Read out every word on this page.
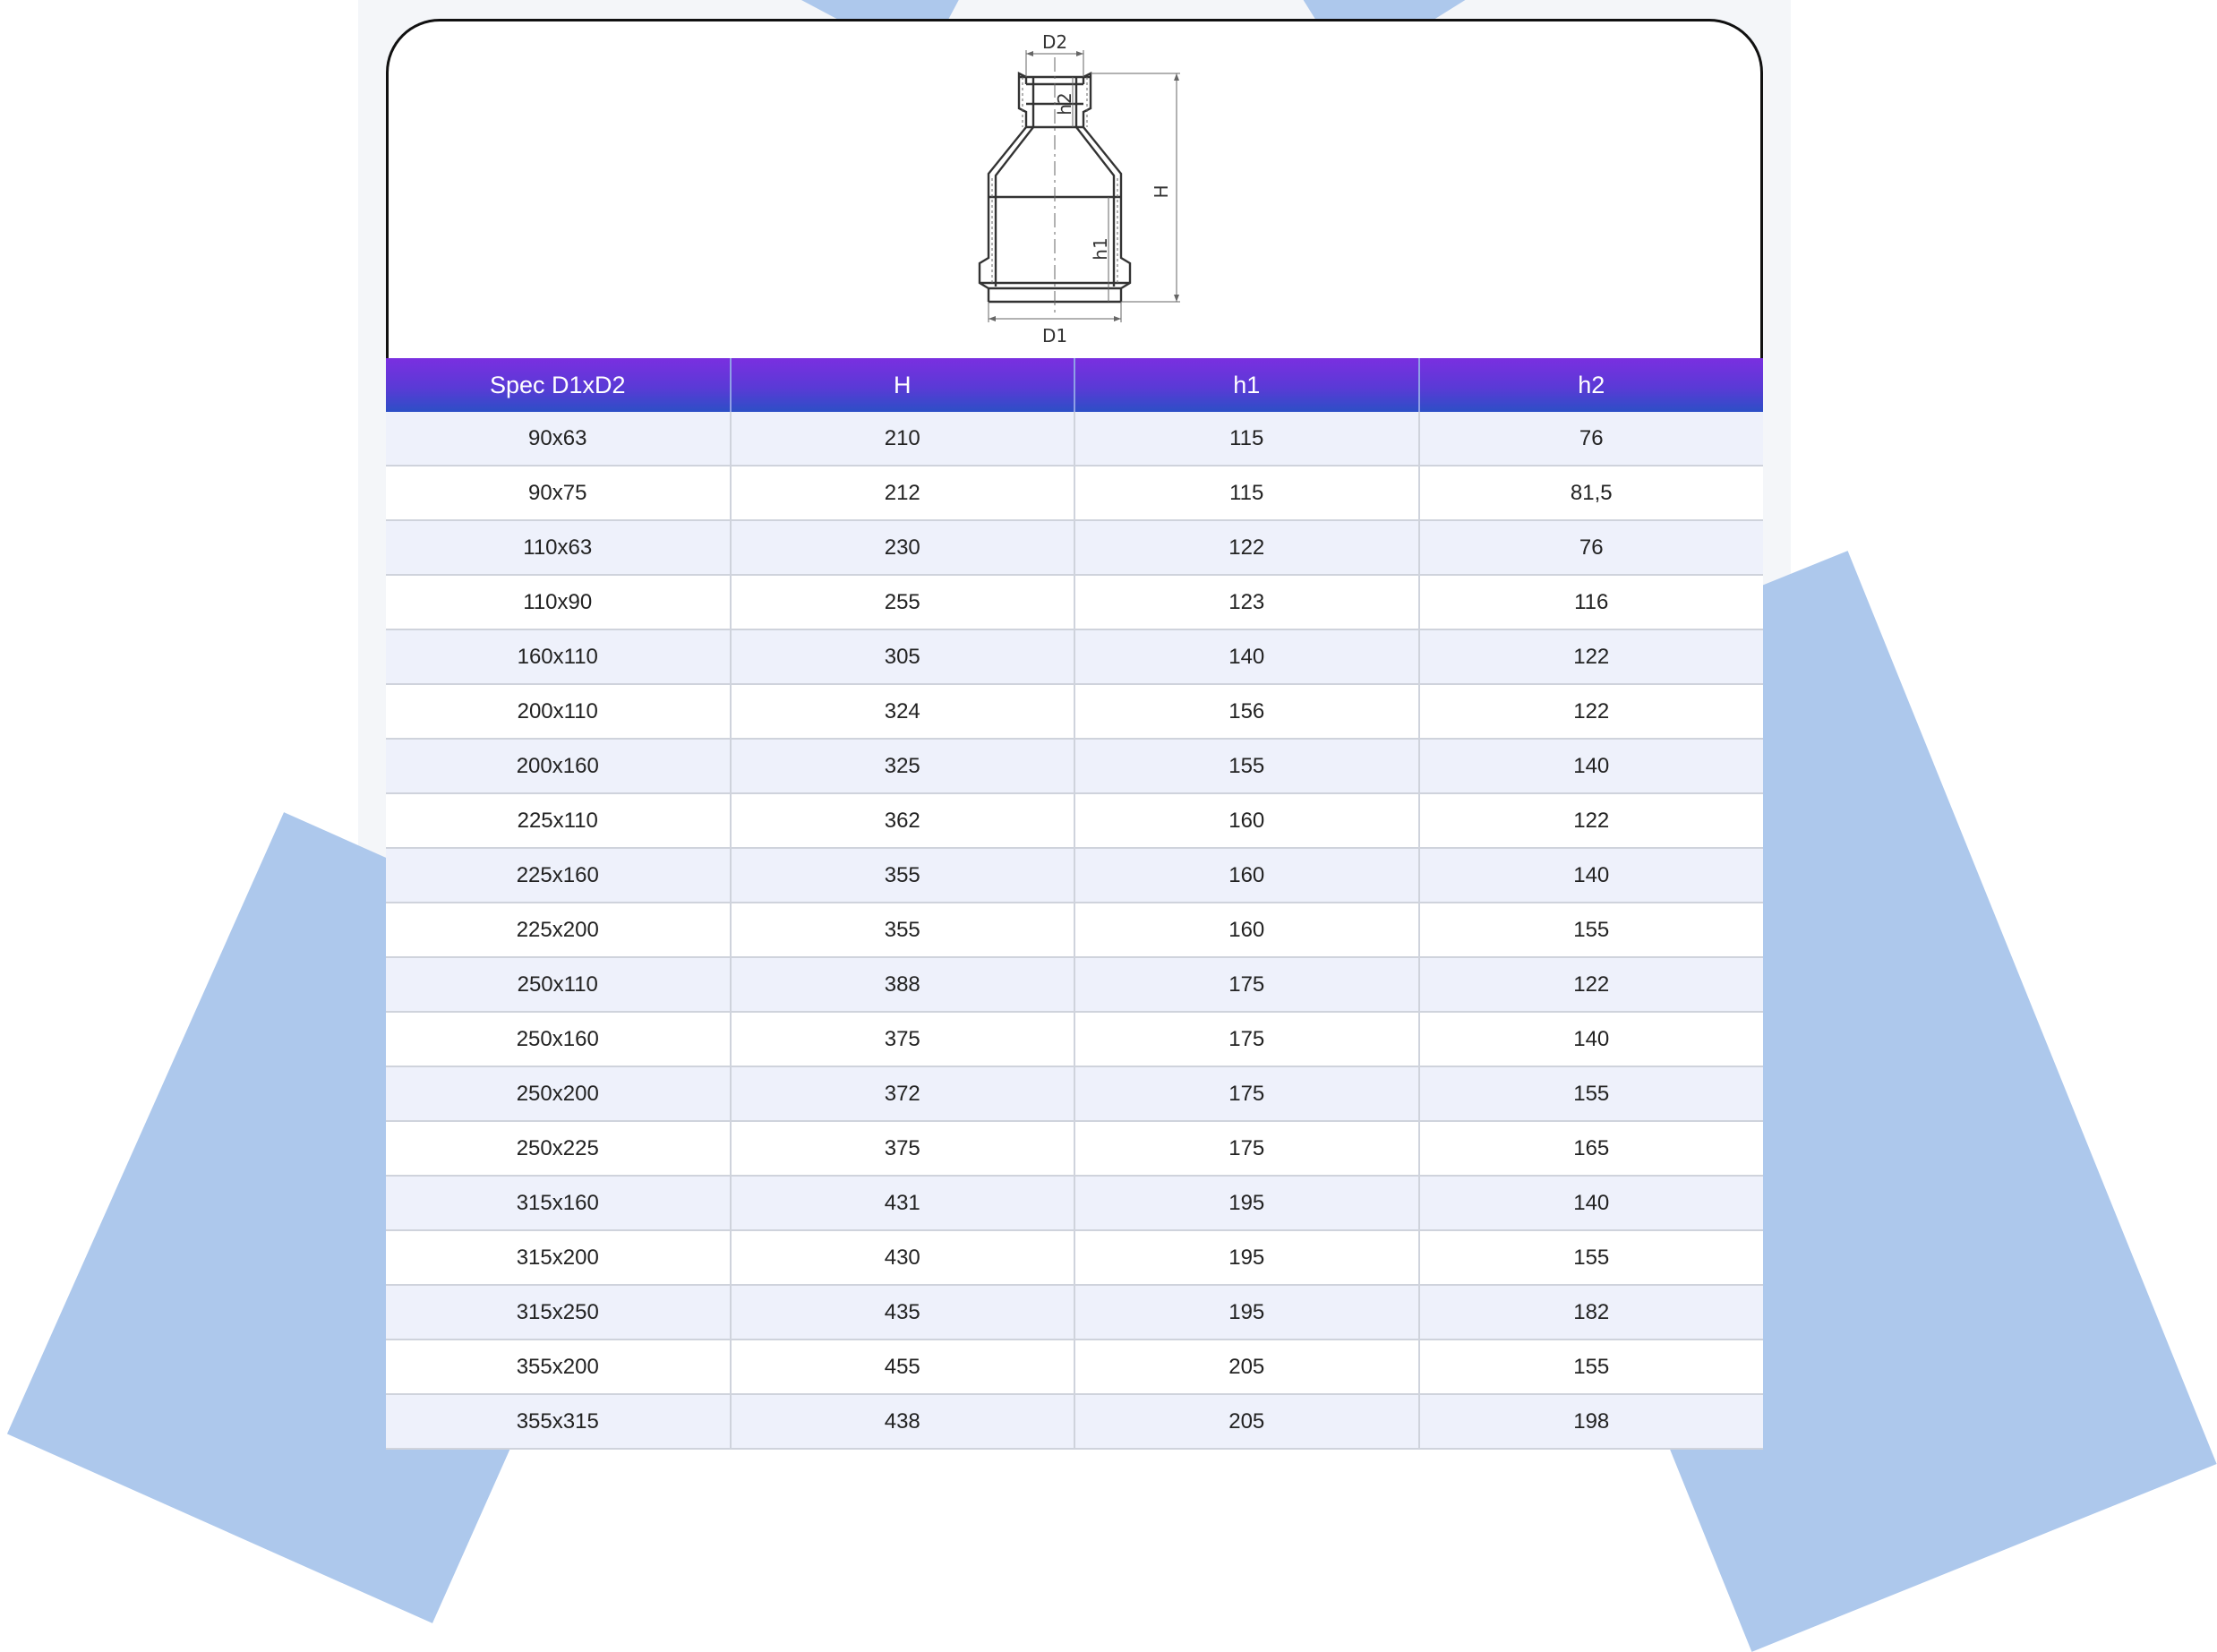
D2
D1
H
h2
h1
Spec D1xD2	H	h1	h2
90x63	210	115	76
90x75	212	115	81,5
110x63	230	122	76
110x90	255	123	116
160x110	305	140	122
200x110	324	156	122
200x160	325	155	140
225x110	362	160	122
225x160	355	160	140
225x200	355	160	155
250x110	388	175	122
250x160	375	175	140
250x200	372	175	155
250x225	375	175	165
315x160	431	195	140
315x200	430	195	155
315x250	435	195	182
355x200	455	205	155
355x315	438	205	198
